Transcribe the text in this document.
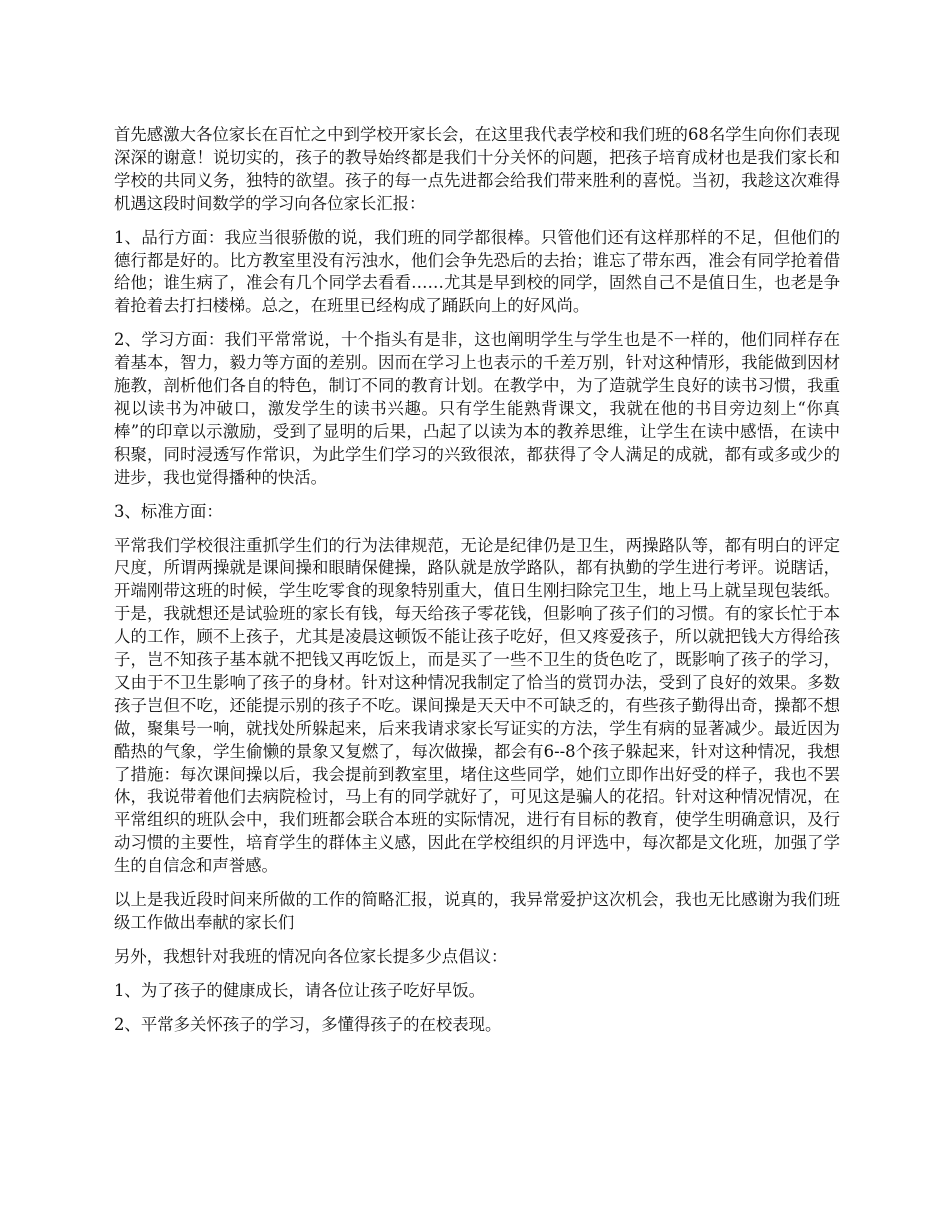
首先感激大各位家长在百忙之中到学校开家长会，在这里我代表学校和我们班的68名学生向你们表现深深的谢意！说切实的，孩子的教导始终都是我们十分关怀的问题，把孩子培育成材也是我们家长和学校的共同义务，独特的欲望。孩子的每一点先进都会给我们带来胜利的喜悦。当初，我趁这次难得机遇这段时间数学的学习向各位家长汇报：

1、品行方面：我应当很骄傲的说，我们班的同学都很棒。只管他们还有这样那样的不足，但他们的德行都是好的。比方教室里没有污浊水，他们会争先恐后的去抬；谁忘了带东西，准会有同学抢着借给他；谁生病了，准会有几个同学去看看……尤其是早到校的同学，固然自己不是值日生，也老是争着抢着去打扫楼梯。总之，在班里已经构成了踊跃向上的好风尚。

2、学习方面：我们平常常说，十个指头有是非，这也阐明学生与学生也是不一样的，他们同样存在着基本，智力，毅力等方面的差别。因而在学习上也表示的千差万别，针对这种情形，我能做到因材施教，剖析他们各自的特色，制订不同的教育计划。在教学中，为了造就学生良好的读书习惯，我重视以读书为冲破口，激发学生的读书兴趣。只有学生能熟背课文，我就在他的书目旁边刻上“你真棒”的印章以示激励，受到了显明的后果，凸起了以读为本的教养思维，让学生在读中感悟，在读中积聚，同时浸透写作常识，为此学生们学习的兴致很浓，都获得了令人满足的成就，都有或多或少的进步，我也觉得播种的快活。

3、标准方面：

平常我们学校很注重抓学生们的行为法律规范，无论是纪律仍是卫生，两操路队等，都有明白的评定尺度，所谓两操就是课间操和眼睛保健操，路队就是放学路队，都有执勤的学生进行考评。说瞎话，开端刚带这班的时候，学生吃零食的现象特别重大，值日生刚扫除完卫生，地上马上就呈现包装纸。于是，我就想还是试验班的家长有钱，每天给孩子零花钱，但影响了孩子们的习惯。有的家长忙于本人的工作，顾不上孩子，尤其是凌晨这顿饭不能让孩子吃好，但又疼爱孩子，所以就把钱大方得给孩子，岂不知孩子基本就不把钱又再吃饭上，而是买了一些不卫生的货色吃了，既影响了孩子的学习，又由于不卫生影响了孩子的身材。针对这种情况我制定了恰当的赏罚办法，受到了良好的效果。多数孩子岂但不吃，还能提示别的孩子不吃。课间操是天天中不可缺乏的，有些孩子勤得出奇，操都不想做，聚集号一响，就找处所躲起来，后来我请求家长写证实的方法，学生有病的显著减少。最近因为酷热的气象，学生偷懒的景象又复燃了，每次做操，都会有6--8个孩子躲起来，针对这种情况，我想了措施：每次课间操以后，我会提前到教室里，堵住这些同学，她们立即作出好受的样子，我也不罢休，我说带着他们去病院检讨，马上有的同学就好了，可见这是骗人的花招。针对这种情况情况，在平常组织的班队会中，我们班都会联合本班的实际情况，进行有目标的教育，使学生明确意识，及行动习惯的主要性，培育学生的群体主义感，因此在学校组织的月评选中，每次都是文化班，加强了学生的自信念和声誉感。

以上是我近段时间来所做的工作的简略汇报，说真的，我异常爱护这次机会，我也无比感谢为我们班级工作做出奉献的家长们

另外，我想针对我班的情况向各位家长提多少点倡议：

1、为了孩子的健康成长，请各位让孩子吃好早饭。

2、平常多关怀孩子的学习，多懂得孩子的在校表现。
